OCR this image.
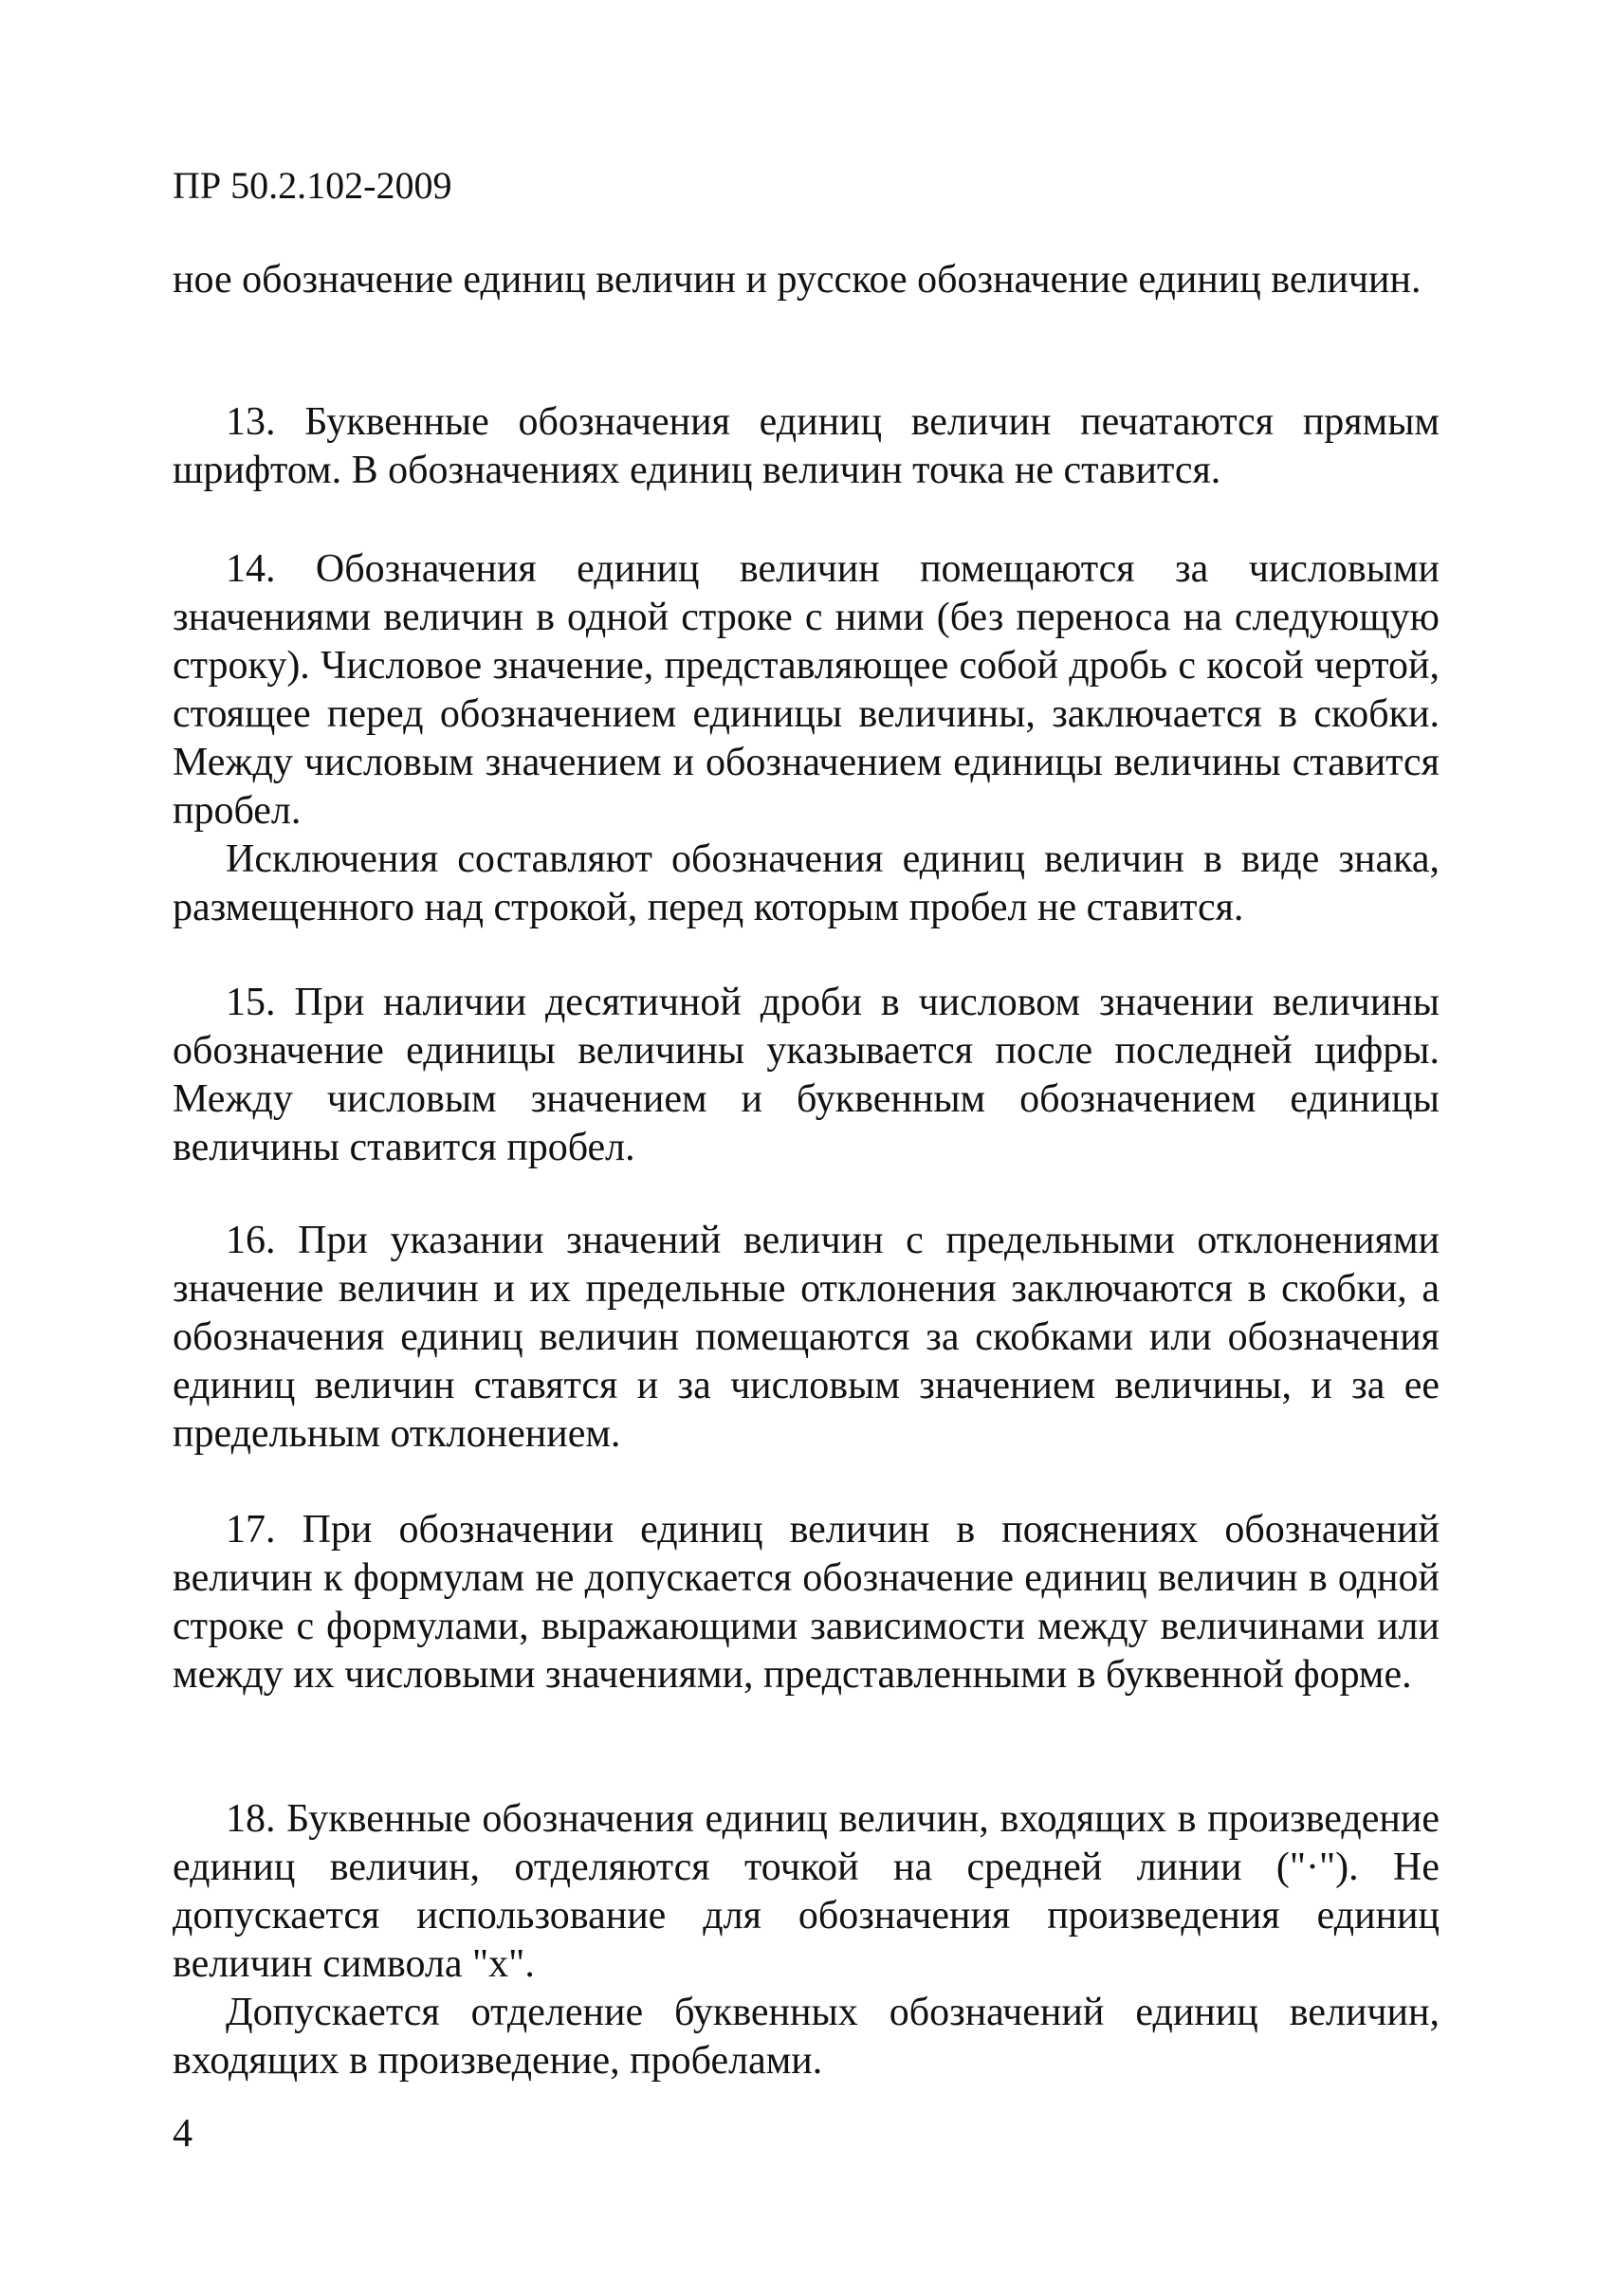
ПР 50.2.102-2009

ное обозначение единиц величин и русское обозначение единиц величин.

13. Буквенные обозначения единиц величин печатаются прямым шрифтом. В обозначениях единиц величин точка не ставится.

14. Обозначения единиц величин помещаются за числовыми значениями величин в одной строке с ними (без переноса на следующую строку). Числовое значение, представляющее собой дробь с косой чертой, стоящее перед обозначением единицы величины, заключается в скобки. Между числовым значением и обозначением единицы величины ставится пробел.

Исключения составляют обозначения единиц величин в виде знака, размещенного над строкой, перед которым пробел не ставится.

15. При наличии десятичной дроби в числовом значении величины обозначение единицы величины указывается после последней цифры. Между числовым значением и буквенным обозначением единицы величины ставится пробел.

16. При указании значений величин с предельными отклонениями значение величин и их предельные отклонения заключаются в скобки, а обозначения единиц величин помещаются за скобками или обозначения единиц величин ставятся и за числовым значением величины, и за ее предельным отклонением.

17. При обозначении единиц величин в пояснениях обозначений величин к формулам не допускается обозначение единиц величин в одной строке с формулами, выражающими зависимости между величинами или между их числовыми значениями, представленными в буквенной форме.

18. Буквенные обозначения единиц величин, входящих в произведение единиц величин, отделяются точкой на средней линии ("·"). Не допускается использование для обозначения произведения единиц величин символа "х".

Допускается отделение буквенных обозначений единиц величин, входящих в произведение, пробелами.

4
